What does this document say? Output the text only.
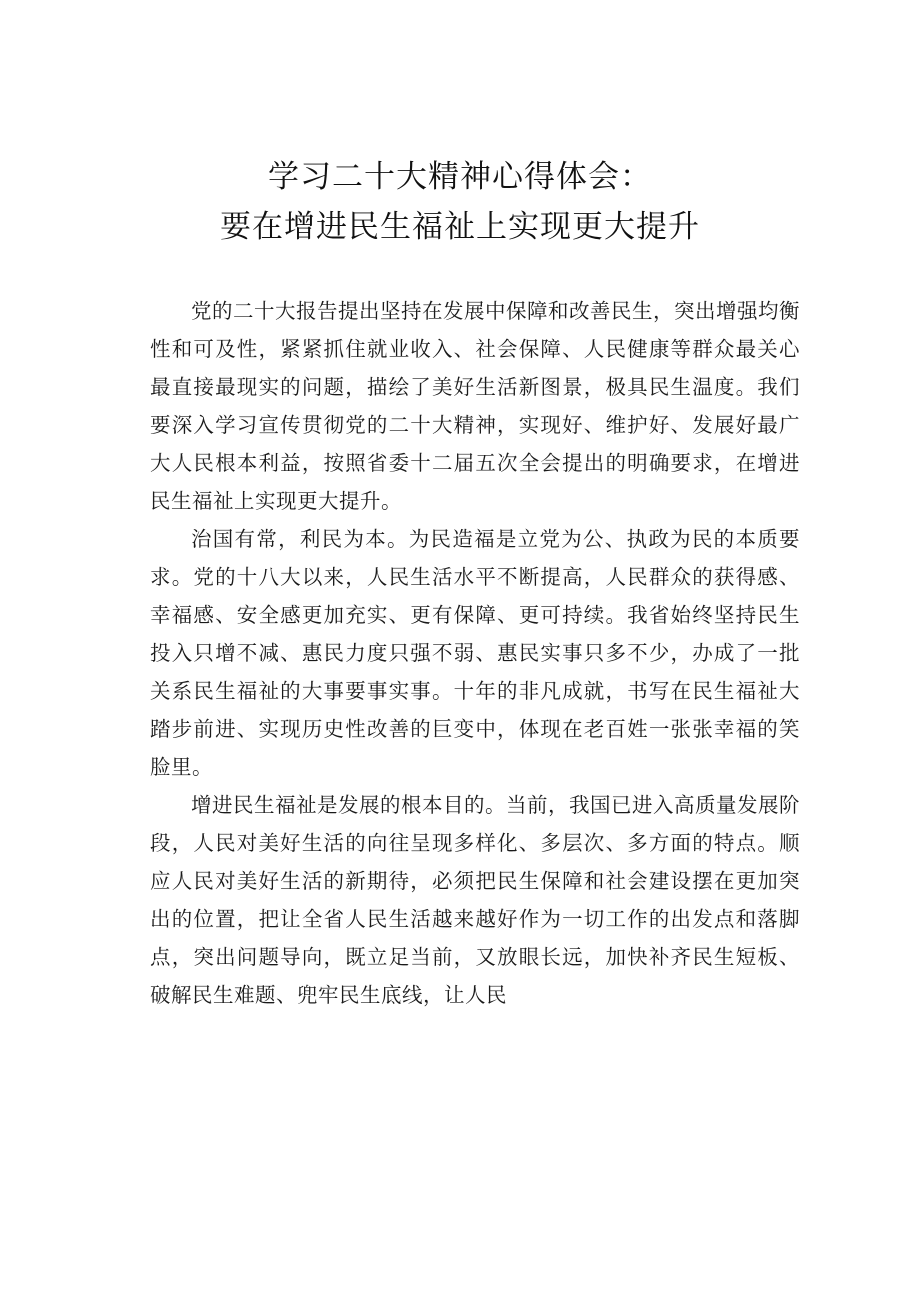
学习二十大精神心得体会：
要在增进民生福祉上实现更大提升

党的二十大报告提出坚持在发展中保障和改善民生，突出增强均衡性和可及性，紧紧抓住就业收入、社会保障、人民健康等群众最关心最直接最现实的问题，描绘了美好生活新图景，极具民生温度。我们要深入学习宣传贯彻党的二十大精神，实现好、维护好、发展好最广大人民根本利益，按照省委十二届五次全会提出的明确要求，在增进民生福祉上实现更大提升。

治国有常，利民为本。为民造福是立党为公、执政为民的本质要求。党的十八大以来，人民生活水平不断提高，人民群众的获得感、幸福感、安全感更加充实、更有保障、更可持续。我省始终坚持民生投入只增不减、惠民力度只强不弱、惠民实事只多不少，办成了一批关系民生福祉的大事要事实事。十年的非凡成就，书写在民生福祉大踏步前进、实现历史性改善的巨变中，体现在老百姓一张张幸福的笑脸里。

增进民生福祉是发展的根本目的。当前，我国已进入高质量发展阶段，人民对美好生活的向往呈现多样化、多层次、多方面的特点。顺应人民对美好生活的新期待，必须把民生保障和社会建设摆在更加突出的位置，把让全省人民生活越来越好作为一切工作的出发点和落脚点，突出问题导向，既立足当前，又放眼长远，加快补齐民生短板、破解民生难题、兜牢民生底线，让人民
